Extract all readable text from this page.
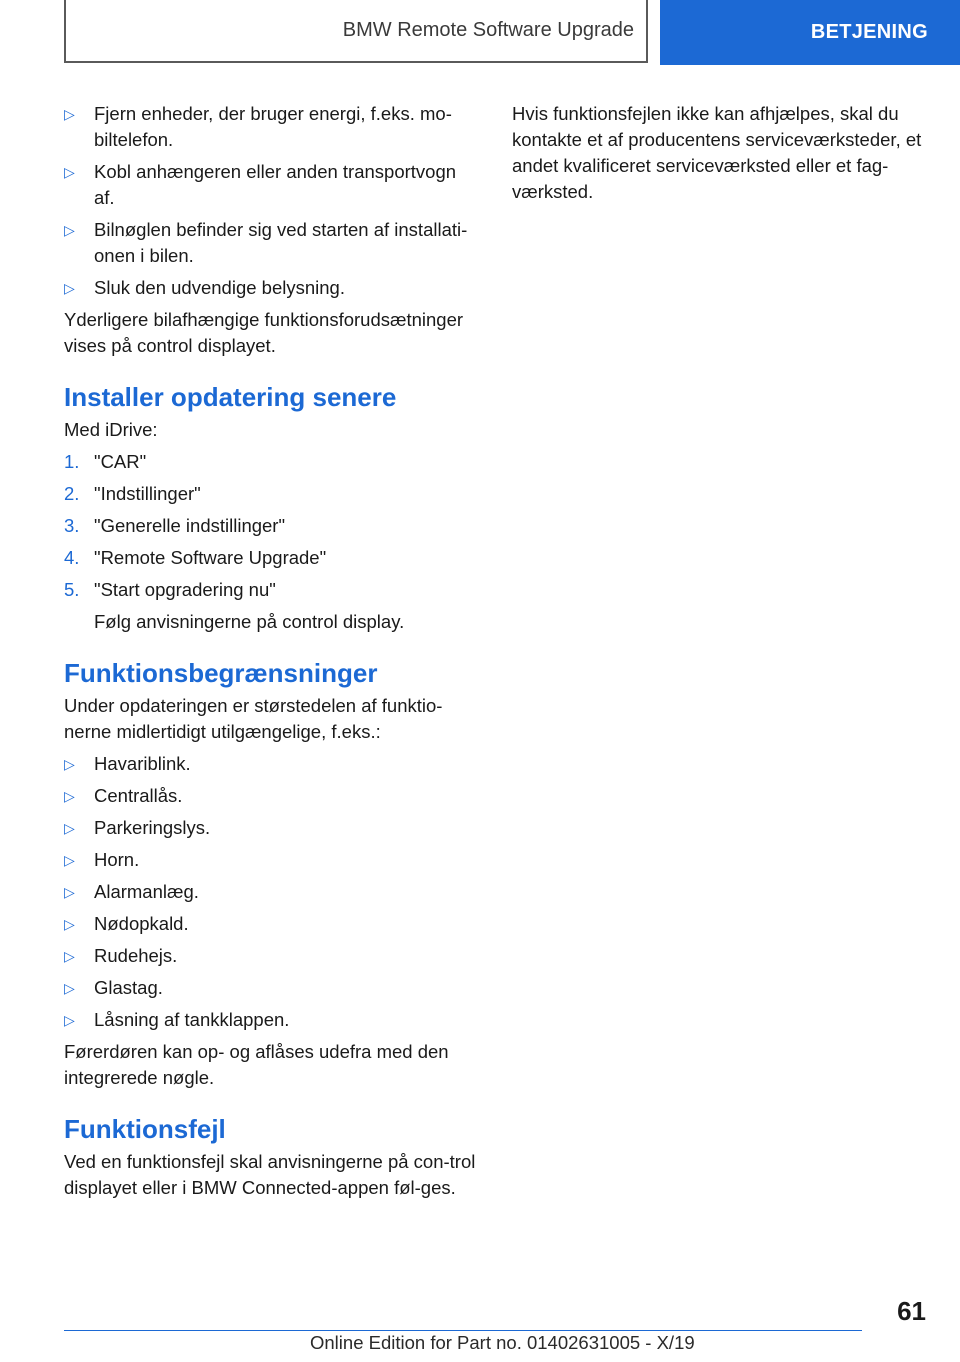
BMW Remote Software Upgrade	BETJENING
▷ Fjern enheder, der bruger energi, f.eks. mo‐biltelefon.
▷ Kobl anhængeren eller anden transportvogn af.
▷ Bilnøglen befinder sig ved starten af installati‐onen i bilen.
▷ Sluk den udvendige belysning.

Yderligere bilafhængige funktionsforudsætninger vises på control displayet.

Installer opdatering senere

Med iDrive:

1. "CAR"
2. "Indstillinger"
3. "Generelle indstillinger"
4. "Remote Software Upgrade"
5. "Start opgradering nu"
Følg anvisningerne på control display.
Funktionsbegrænsninger

Under opdateringen er størstedelen af funktio‐nerne midlertidigt utilgængelige, f.eks.:

▷ Havariblink.
▷ Centrallås.
▷ Parkeringslys.
▷ Horn.
▷ Alarmanlæg.
▷ Nødopkald.
▷ Rudehejs.
▷ Glastag.
▷ Låsning af tankklappen.

Førerdøren kan op- og aflåses udefra med den integrerede nøgle.

Funktionsfejl

Ved en funktionsfejl skal anvisningerne på con‐trol displayet eller i BMW Connected-appen føl‐ges.

Hvis funktionsfejlen ikke kan afhjælpes, skal du kontakte et af producentens serviceværksteder, et andet kvalificeret serviceværksted eller et fag‐værksted.

61
Online Edition for Part no. 01402631005 - X/19
